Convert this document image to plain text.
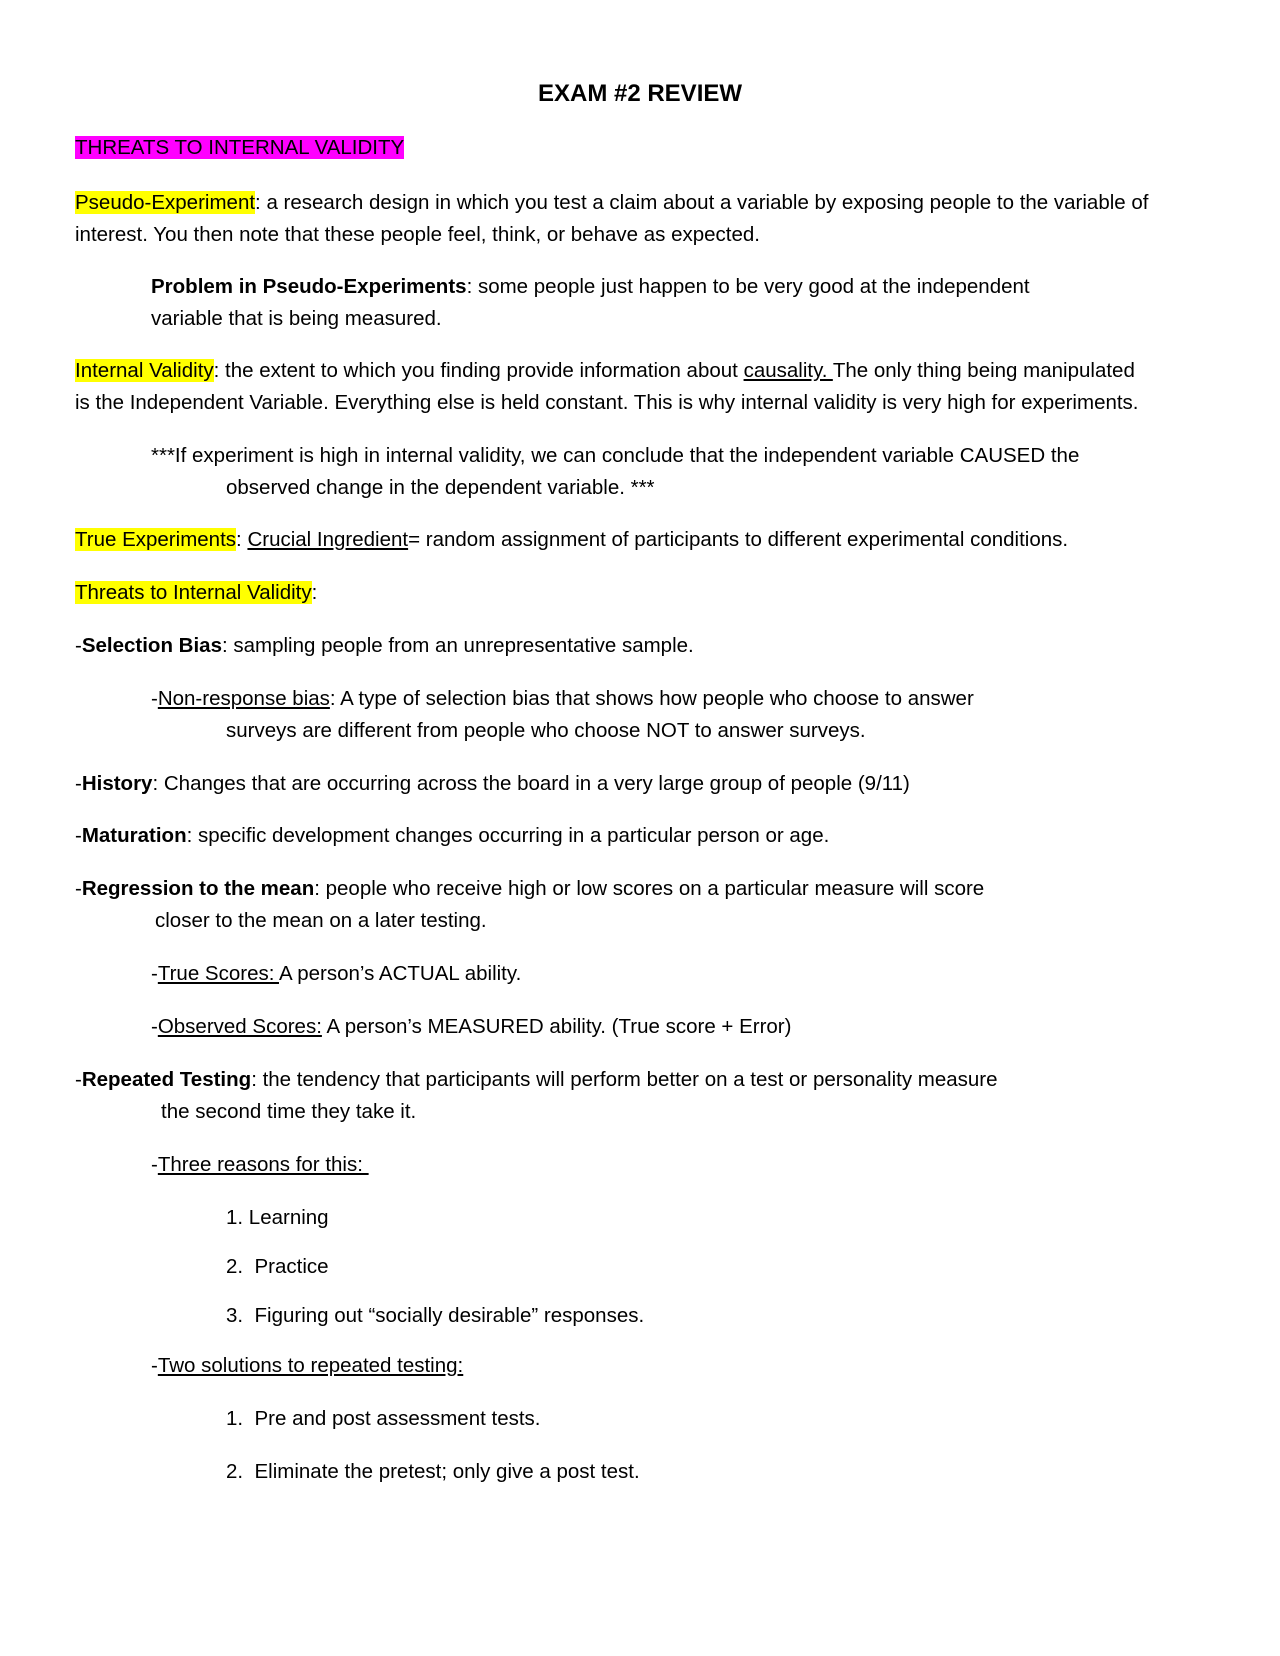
EXAM #2 REVIEW
THREATS TO INTERNAL VALIDITY
Pseudo-Experiment: a research design in which you test a claim about a variable by exposing people to the variable of
interest. You then note that these people feel, think, or behave as expected.
Problem in Pseudo-Experiments: some people just happen to be very good at the independent
variable that is being measured.
Internal Validity: the extent to which you finding provide information about causality. The only thing being manipulated
is the Independent Variable. Everything else is held constant. This is why internal validity is very high for experiments.
***If experiment is high in internal validity, we can conclude that the independent variable CAUSED the
observed change in the dependent variable. ***
True Experiments: Crucial Ingredient= random assignment of participants to different experimental conditions.
Threats to Internal Validity:
-Selection Bias: sampling people from an unrepresentative sample.
-Non-response bias: A type of selection bias that shows how people who choose to answer
surveys are different from people who choose NOT to answer surveys.
-History: Changes that are occurring across the board in a very large group of people (9/11)
-Maturation: specific development changes occurring in a particular person or age.
-Regression to the mean: people who receive high or low scores on a particular measure will score
closer to the mean on a later testing.
-True Scores: A person’s ACTUAL ability.
-Observed Scores: A person’s MEASURED ability. (True score + Error)
-Repeated Testing: the tendency that participants will perform better on a test or personality measure
the second time they take it.
-Three reasons for this:
1. Learning
2.  Practice
3.  Figuring out “socially desirable” responses.
-Two solutions to repeated testing:
1.  Pre and post assessment tests.
2.  Eliminate the pretest; only give a post test.
